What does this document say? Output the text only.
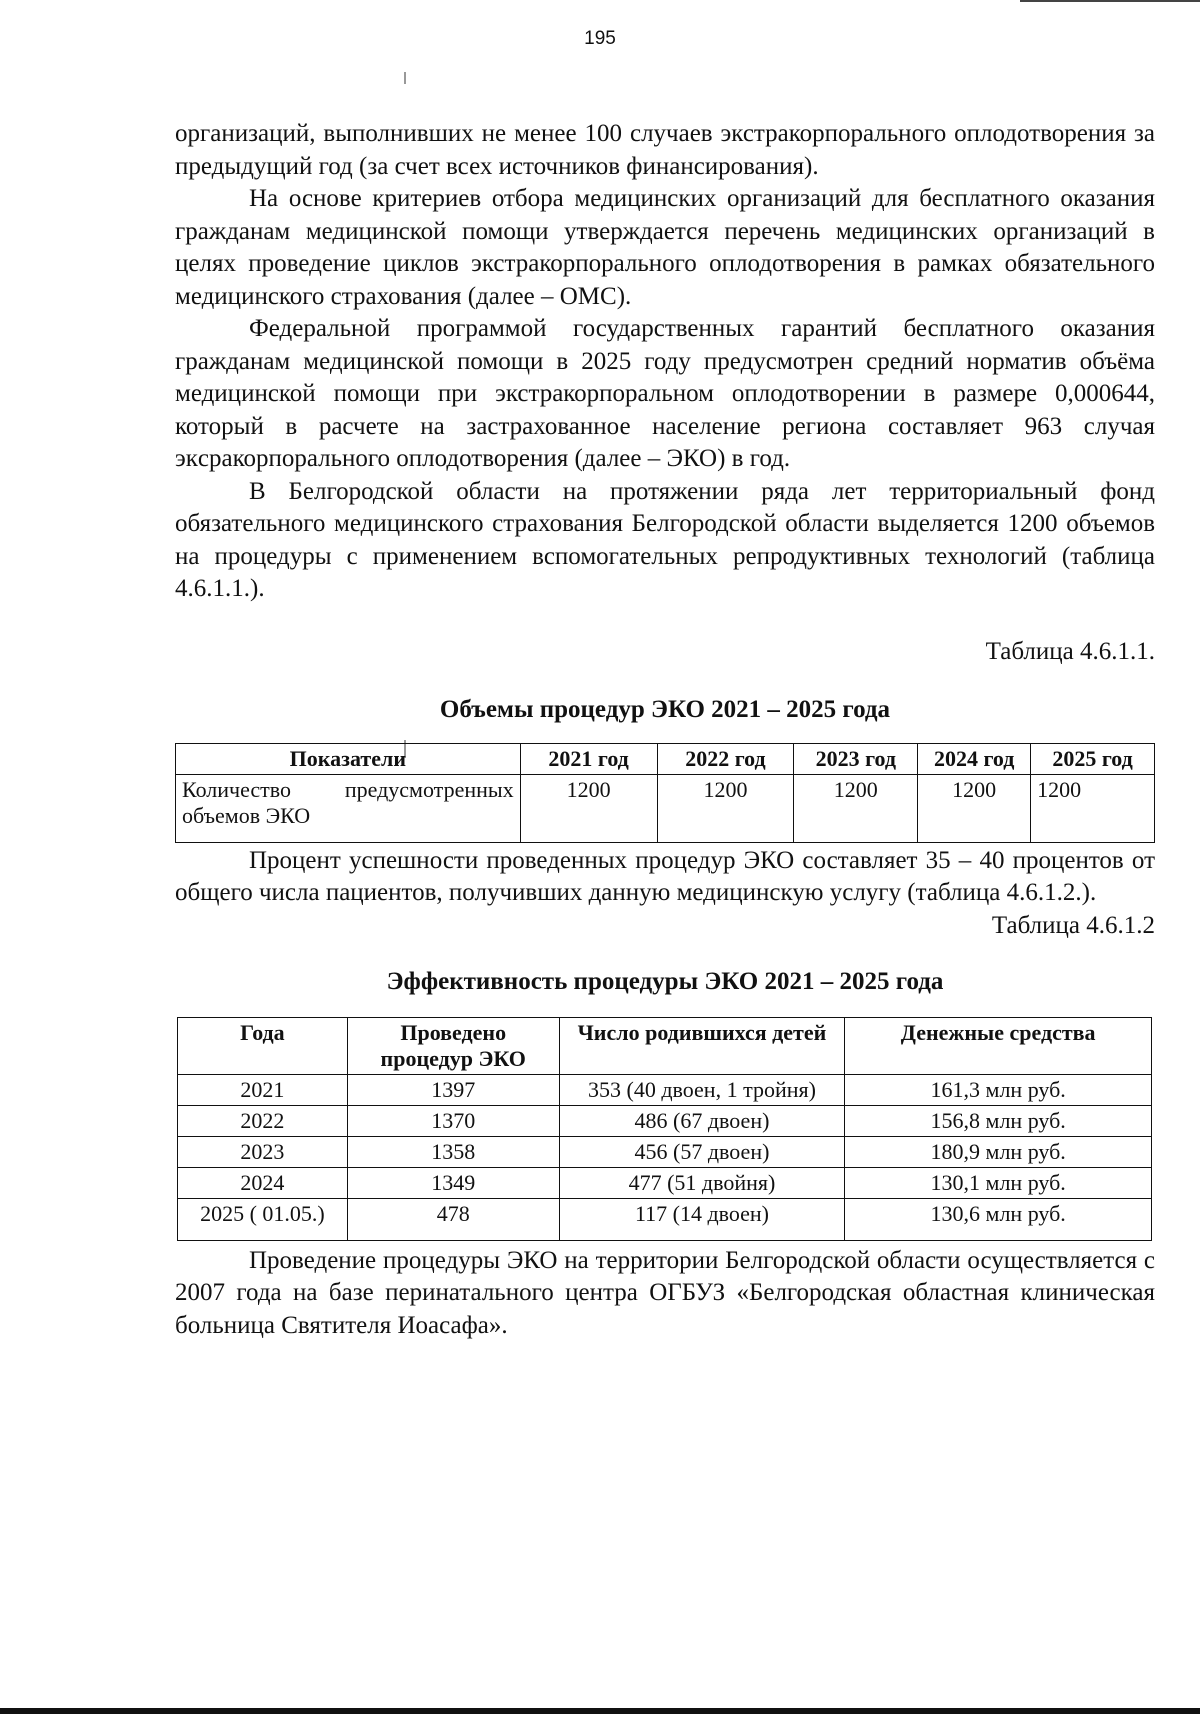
195

организаций, выполнивших не менее 100 случаев экстракорпорального оплодотворения за предыдущий год (за счет всех источников финансирования).

На основе критериев отбора медицинских организаций для бесплатного оказания гражданам медицинской помощи утверждается перечень медицинских организаций в целях проведение циклов экстракорпорального оплодотворения в рамках обязательного медицинского страхования (далее – ОМС).

Федеральной программой государственных гарантий бесплатного оказания гражданам медицинской помощи в 2025 году предусмотрен средний норматив объёма медицинской помощи при экстракорпоральном оплодотворении в размере 0,000644, который в расчете на застрахованное население региона составляет 963 случая экcракорпорального оплодотворения (далее – ЭКО) в год.

В Белгородской области на протяжении ряда лет территориальный фонд обязательного медицинского страхования Белгородской области выделяется 1200 объемов на процедуры с применением вспомогательных репродуктивных технологий (таблица 4.6.1.1.).

Таблица 4.6.1.1.

Объемы процедур ЭКО 2021 – 2025 года

Показатели	2021 год	2022 год	2023 год	2024 год	2025 год
Количество предусмотренных объемов ЭКО	1200	1200	1200	1200	1200

Процент успешности проведенных процедур ЭКО составляет 35 – 40 процентов от общего числа пациентов, получивших данную медицинскую услугу (таблица 4.6.1.2.).

Таблица 4.6.1.2

Эффективность процедуры ЭКО 2021 – 2025 года

Года	Проведено процедур ЭКО	Число родившихся детей	Денежные средства
2021	1397	353 (40 двоен, 1 тройня)	161,3 млн руб.
2022	1370	486 (67 двоен)	156,8 млн руб.
2023	1358	456 (57 двоен)	180,9 млн руб.
2024	1349	477 (51 двойня)	130,1 млн руб.
2025 ( 01.05.)	478	117 (14 двоен)	130,6 млн руб.

Проведение процедуры ЭКО на территории Белгородской области осуществляется с 2007 года на базе перинатального центра ОГБУЗ «Белгородская областная клиническая больница Святителя Иоасафа».
